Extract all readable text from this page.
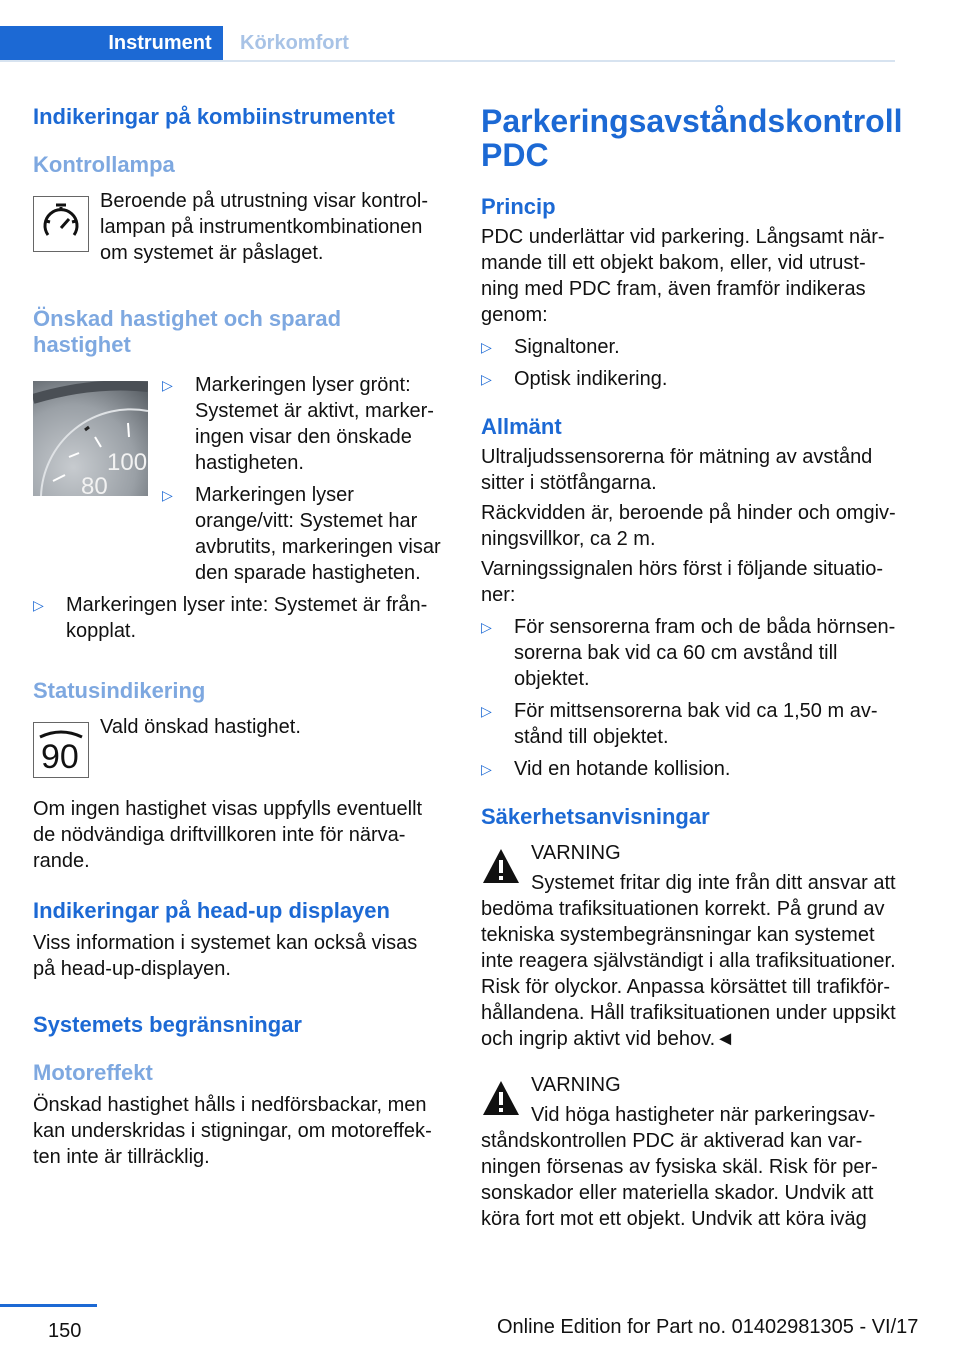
Instrument	Körkomfort
Indikeringar på kombiinstrumentet
Kontrollampa

Beroende på utrustning visar kontrollampan på instrumentkombinationen om systemet är påslaget.

Önskad hastighet och sparad hastighet
100
80
▷	Markeringen lyser grönt: Systemet är aktivt, markeringen visar den önskade hastigheten.
▷	Markeringen lyser orange/vitt: Systemet har avbrutits, markeringen visar den sparade hastigheten.
▷	Markeringen lyser inte: Systemet är frånkopplat.
Statusindikering
90

Vald önskad hastighet.

Om ingen hastighet visas uppfylls eventuellt de nödvändiga driftvillkoren inte för närvarande.

Indikeringar på head-up displayen

Viss information i systemet kan också visas på head-up-displayen.

Systemets begränsningar
Motoreffekt

Önskad hastighet hålls i nedförsbackar, men kan underskridas i stigningar, om motoreffekten inte är tillräcklig.

Parkeringsavståndskontroll PDC
Princip

PDC underlättar vid parkering. Långsamt närmande till ett objekt bakom, eller, vid utrustning med PDC fram, även framför indikeras genom:

▷	Signaltoner.
▷	Optisk indikering.
Allmänt

Ultraljudssensorerna för mätning av avstånd sitter i stötfångarna.

Räckvidden är, beroende på hinder och omgivningsvillkor, ca 2 m.

Varningssignalen hörs först i följande situationer:

▷	För sensorerna fram och de båda hörnsensorerna bak vid ca 60 cm avstånd till objektet.
▷	För mittsensorerna bak vid ca 1,50 m avstånd till objektet.
▷	Vid en hotande kollision.
Säkerhetsanvisningar

VARNING

Systemet fritar dig inte från ditt ansvar att bedöma trafiksituationen korrekt. På grund av tekniska systembegränsningar kan systemet inte reagera självständigt i alla trafiksituationer. Risk för olyckor. Anpassa körsättet till trafikförhållandena. Håll trafiksituationen under uppsikt och ingrip aktivt vid behov.◄

VARNING

Vid höga hastigheter när parkeringsavståndskontrollen PDC är aktiverad kan varningen försenas av fysiska skäl. Risk för personskador eller materiella skador. Undvik att köra fort mot ett objekt. Undvik att köra iväg

150	Online Edition for Part no. 01402981305 - VI/17
